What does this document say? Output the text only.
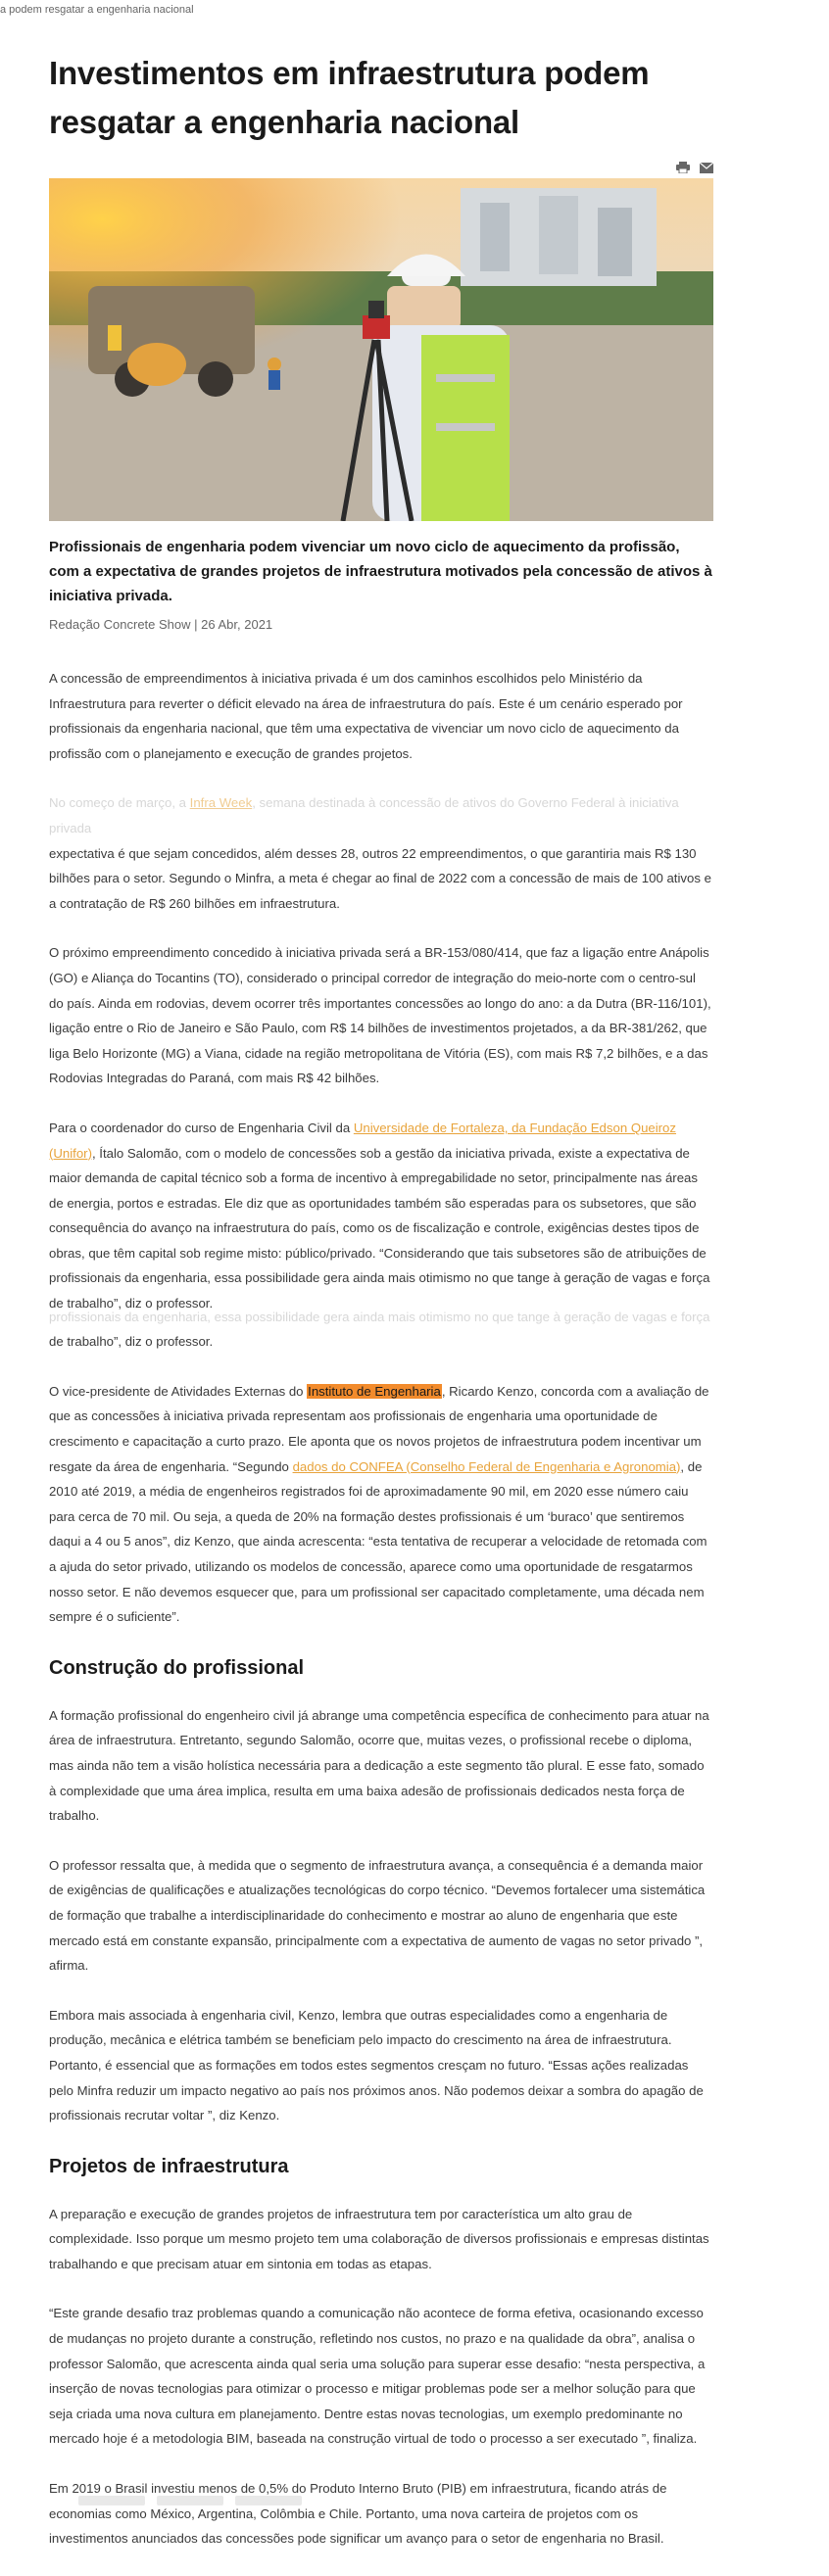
a podem resgatar a engenharia nacional
Investimentos em infraestrutura podem
resgatar a engenharia nacional
Profissionais de engenharia podem vivenciar um novo ciclo de aquecimento da profissão, com a expectativa de grandes projetos de infraestrutura motivados pela concessão de ativos à iniciativa privada.
Redação Concrete Show | 26 Abr, 2021

A concessão de empreendimentos à iniciativa privada é um dos caminhos escolhidos pelo Ministério da Infraestrutura para reverter o déficit elevado na área de infraestrutura do país. Este é um cenário esperado por profissionais da engenharia nacional, que têm uma expectativa de vivenciar um novo ciclo de aquecimento da profissão com o planejamento e execução de grandes projetos.

No começo de março, a Infra Week, semana destinada à concessão de ativos do Governo Federal à iniciativa privada
expectativa é que sejam concedidos, além desses 28, outros 22 empreendimentos, o que garantiria mais R$ 130 bilhões para o setor. Segundo o Minfra, a meta é chegar ao final de 2022 com a concessão de mais de 100 ativos e a contratação de R$ 260 bilhões em infraestrutura.

O próximo empreendimento concedido à iniciativa privada será a BR-153/080/414, que faz a ligação entre Anápolis (GO) e Aliança do Tocantins (TO), considerado o principal corredor de integração do meio-norte com o centro-sul do país. Ainda em rodovias, devem ocorrer três importantes concessões ao longo do ano: a da Dutra (BR-116/101), ligação entre o Rio de Janeiro e São Paulo, com R$ 14 bilhões de investimentos projetados, a da BR-381/262, que liga Belo Horizonte (MG) a Viana, cidade na região metropolitana de Vitória (ES), com mais R$ 7,2 bilhões, e a das Rodovias Integradas do Paraná, com mais R$ 42 bilhões.

Para o coordenador do curso de Engenharia Civil da Universidade de Fortaleza, da Fundação Edson Queiroz (Unifor), Ítalo Salomão, com o modelo de concessões sob a gestão da iniciativa privada, existe a expectativa de maior demanda de capital técnico sob a forma de incentivo à empregabilidade no setor, principalmente nas áreas de energia, portos e estradas. Ele diz que as oportunidades também são esperadas para os subsetores, que são consequência do avanço na infraestrutura do país, como os de fiscalização e controle, exigências destes tipos de obras, que têm capital sob regime misto: público/privado. “Considerando que tais subsetores são de atribuições de profissionais da engenharia, essa possibilidade gera ainda mais otimismo no que tange à geração de vagas e força de trabalho”, diz o professor.

profissionais da engenharia, essa possibilidade gera ainda mais otimismo no que tange à geração de vagas e força
de trabalho”, diz o professor.

O vice-presidente de Atividades Externas do Instituto de Engenharia, Ricardo Kenzo, concorda com a avaliação de que as concessões à iniciativa privada representam aos profissionais de engenharia uma oportunidade de crescimento e capacitação a curto prazo. Ele aponta que os novos projetos de infraestrutura podem incentivar um resgate da área de engenharia. “Segundo dados do CONFEA (Conselho Federal de Engenharia e Agronomia), de 2010 até 2019, a média de engenheiros registrados foi de aproximadamente 90 mil, em 2020 esse número caiu para cerca de 70 mil. Ou seja, a queda de 20% na formação destes profissionais é um ‘buraco’ que sentiremos daqui a 4 ou 5 anos”, diz Kenzo, que ainda acrescenta: “esta tentativa de recuperar a velocidade de retomada com a ajuda do setor privado, utilizando os modelos de concessão, aparece como uma oportunidade de resgatarmos nosso setor. E não devemos esquecer que, para um profissional ser capacitado completamente, uma década nem sempre é o suficiente”.

Construção do profissional

A formação profissional do engenheiro civil já abrange uma competência específica de conhecimento para atuar na área de infraestrutura. Entretanto, segundo Salomão, ocorre que, muitas vezes, o profissional recebe o diploma, mas ainda não tem a visão holística necessária para a dedicação a este segmento tão plural. E esse fato, somado à complexidade que uma área implica, resulta em uma baixa adesão de profissionais dedicados nesta força de trabalho.

O professor ressalta que, à medida que o segmento de infraestrutura avança, a consequência é a demanda maior de exigências de qualificações e atualizações tecnológicas do corpo técnico. “Devemos fortalecer uma sistemática de formação que trabalhe a interdisciplinaridade do conhecimento e mostrar ao aluno de engenharia que este mercado está em constante expansão, principalmente com a expectativa de aumento de vagas no setor privado ”, afirma.

Embora mais associada à engenharia civil, Kenzo, lembra que outras especialidades como a engenharia de produção, mecânica e elétrica também se beneficiam pelo impacto do crescimento na área de infraestrutura. Portanto, é essencial que as formações em todos estes segmentos cresçam no futuro. “Essas ações realizadas pelo Minfra reduzir um impacto negativo ao país nos próximos anos. Não podemos deixar a sombra do apagão de profissionais recrutar voltar ”, diz Kenzo.

Projetos de infraestrutura

A preparação e execução de grandes projetos de infraestrutura tem por característica um alto grau de complexidade. Isso porque um mesmo projeto tem uma colaboração de diversos profissionais e empresas distintas trabalhando e que precisam atuar em sintonia em todas as etapas.

“Este grande desafio traz problemas quando a comunicação não acontece de forma efetiva, ocasionando excesso de mudanças no projeto durante a construção, refletindo nos custos, no prazo e na qualidade da obra”, analisa o professor Salomão, que acrescenta ainda qual seria uma solução para superar esse desafio: “nesta perspectiva, a inserção de novas tecnologias para otimizar o processo e mitigar problemas pode ser a melhor solução para que seja criada uma nova cultura em planejamento. Dentre estas novas tecnologias, um exemplo predominante no mercado hoje é a metodologia BIM, baseada na construção virtual de todo o processo a ser executado ”, finaliza.

Em 2019 o Brasil investiu menos de 0,5% do Produto Interno Bruto (PIB) em infraestrutura, ficando atrás de economias como México, Argentina, Colômbia e Chile. Portanto, uma nova carteira de projetos com os investimentos anunciados das concessões pode significar um avanço para o setor de engenharia no Brasil.
